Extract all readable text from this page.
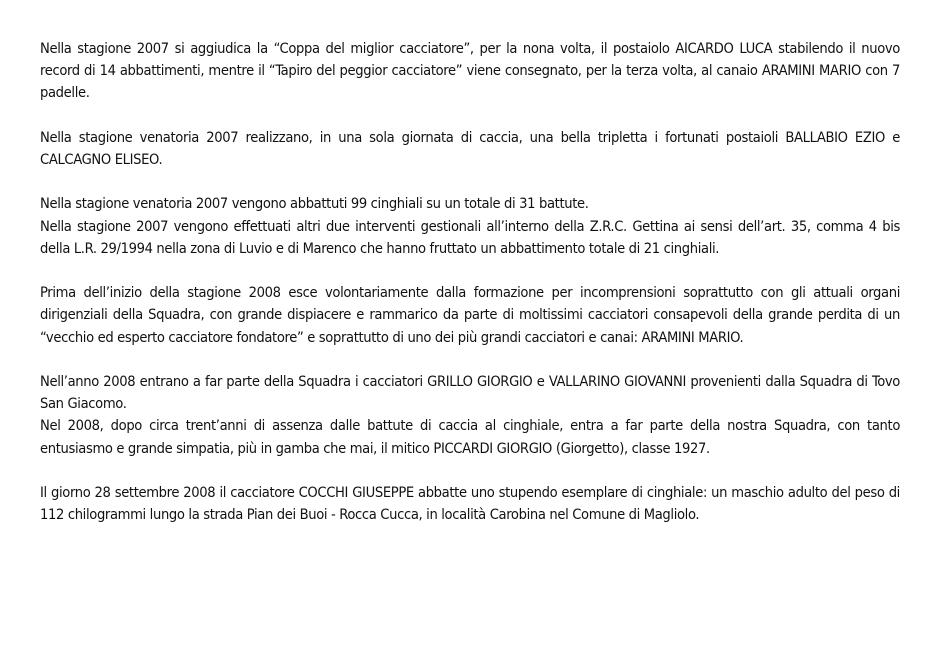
Nella stagione 2007 si aggiudica la “Coppa del miglior cacciatore”, per la nona volta, il postaiolo AICARDO LUCA stabilendo il nuovo record di 14 abbattimenti, mentre il “Tapiro del peggior cacciatore” viene consegnato, per la terza volta, al canaio ARAMINI MARIO con 7 padelle.

Nella stagione venatoria 2007 realizzano, in una sola giornata di caccia, una bella tripletta i fortunati postaioli BALLABIO EZIO e CALCAGNO ELISEO.

Nella stagione venatoria 2007 vengono abbattuti 99 cinghiali su un totale di 31 battute.
Nella stagione 2007 vengono effettuati altri due interventi gestionali all’interno della Z.R.C. Gettina ai sensi dell’art. 35, comma 4 bis della L.R. 29/1994 nella zona di Luvio e di Marenco che hanno fruttato un abbattimento totale di 21 cinghiali.

Prima dell’inizio della stagione 2008 esce volontariamente dalla formazione per incomprensioni soprattutto con gli attuali organi dirigenziali della Squadra, con grande dispiacere e rammarico da parte di moltissimi cacciatori consapevoli della grande perdita di un “vecchio ed esperto cacciatore fondatore” e soprattutto di uno dei più grandi cacciatori e canai: ARAMINI MARIO.

Nell’anno 2008 entrano a far parte della Squadra i cacciatori GRILLO GIORGIO e VALLARINO GIOVANNI provenienti dalla Squadra di Tovo San Giacomo.
Nel 2008, dopo circa trent’anni di assenza dalle battute di caccia al cinghiale, entra a far parte della nostra Squadra, con tanto entusiasmo e grande simpatia, più in gamba che mai, il mitico PICCARDI GIORGIO (Giorgetto), classe 1927.

Il giorno 28 settembre 2008 il cacciatore COCCHI GIUSEPPE abbatte uno stupendo esemplare di cinghiale: un maschio adulto del peso di 112 chilogrammi lungo la strada Pian dei Buoi - Rocca Cucca, in località Carobina nel Comune di Magliolo.
